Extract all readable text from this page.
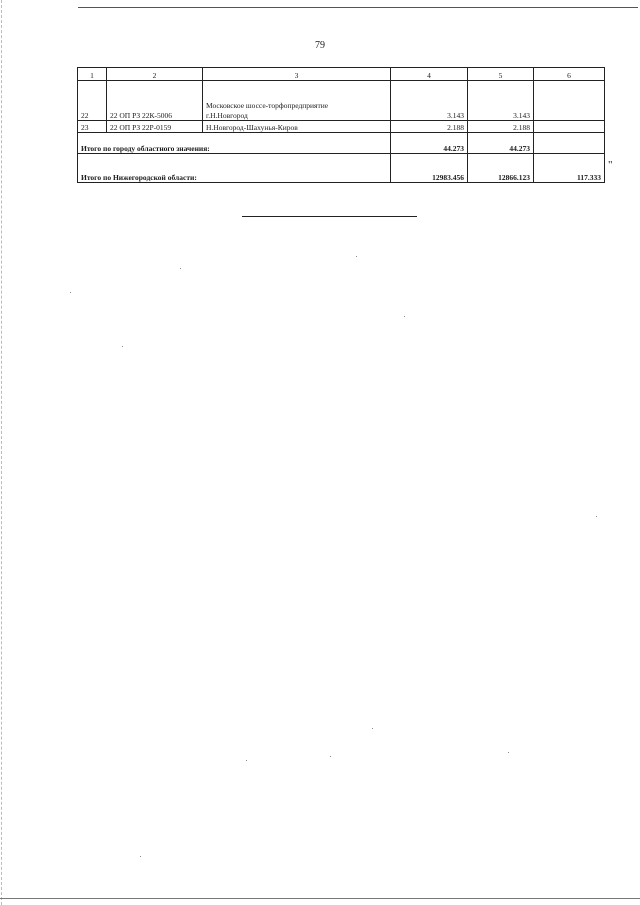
79
1	2	3	4	5	6
22	22 ОП РЗ 22К-5006	Московское шоссе-торфопредприятие
г.Н.Новгород	3.143	3.143	
23	22 ОП РЗ 22Р-0159	Н.Новгород-Шахунья-Киров	2.188	2.188	
Итого по городу областного значения:			44.273	44.273	
Итого по Нижегородской области:			12983.456	12866.123	117.333
"
